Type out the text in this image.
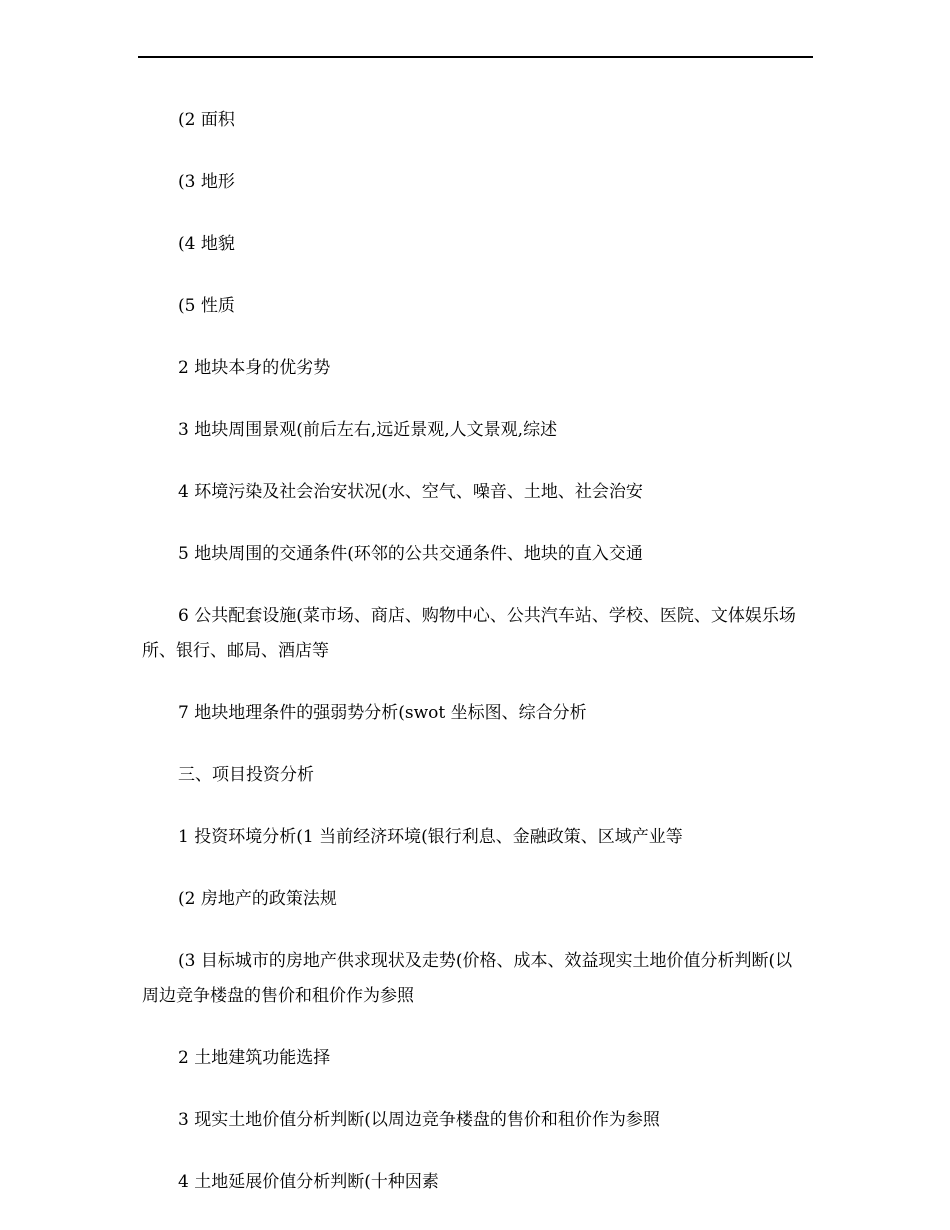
(2 面积

(3 地形

(4 地貌

(5 性质

2 地块本身的优劣势

3 地块周围景观(前后左右,远近景观,人文景观,综述

4 环境污染及社会治安状况(水、空气、噪音、土地、社会治安

5 地块周围的交通条件(环邻的公共交通条件、地块的直入交通

6 公共配套设施(菜市场、商店、购物中心、公共汽车站、学校、医院、文体娱乐场所、银行、邮局、酒店等

7 地块地理条件的强弱势分析(swot 坐标图、综合分析

三、项目投资分析

1 投资环境分析(1 当前经济环境(银行利息、金融政策、区域产业等

(2 房地产的政策法规

(3 目标城市的房地产供求现状及走势(价格、成本、效益现实土地价值分析判断(以周边竞争楼盘的售价和租价作为参照

2 土地建筑功能选择

3 现实土地价值分析判断(以周边竞争楼盘的售价和租价作为参照

4 土地延展价值分析判断(十种因素
